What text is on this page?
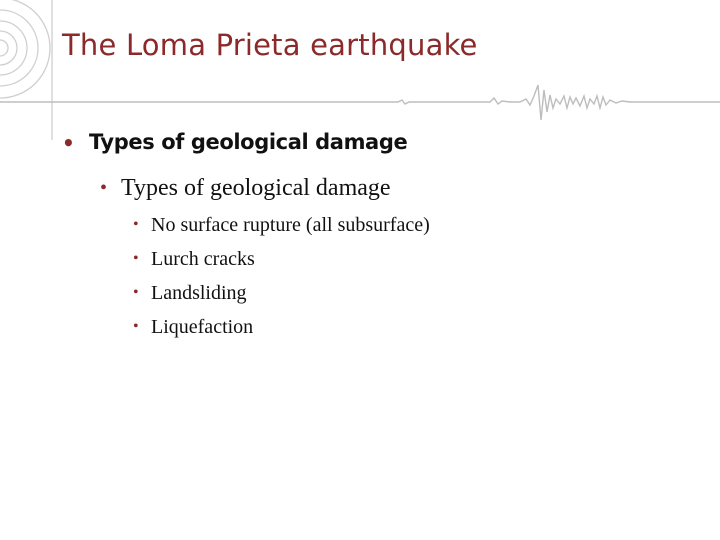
The Loma Prieta earthquake
• Types of geological damage
• Types of geological damage
• No surface rupture (all subsurface)
• Lurch cracks
• Landsliding
• Liquefaction
